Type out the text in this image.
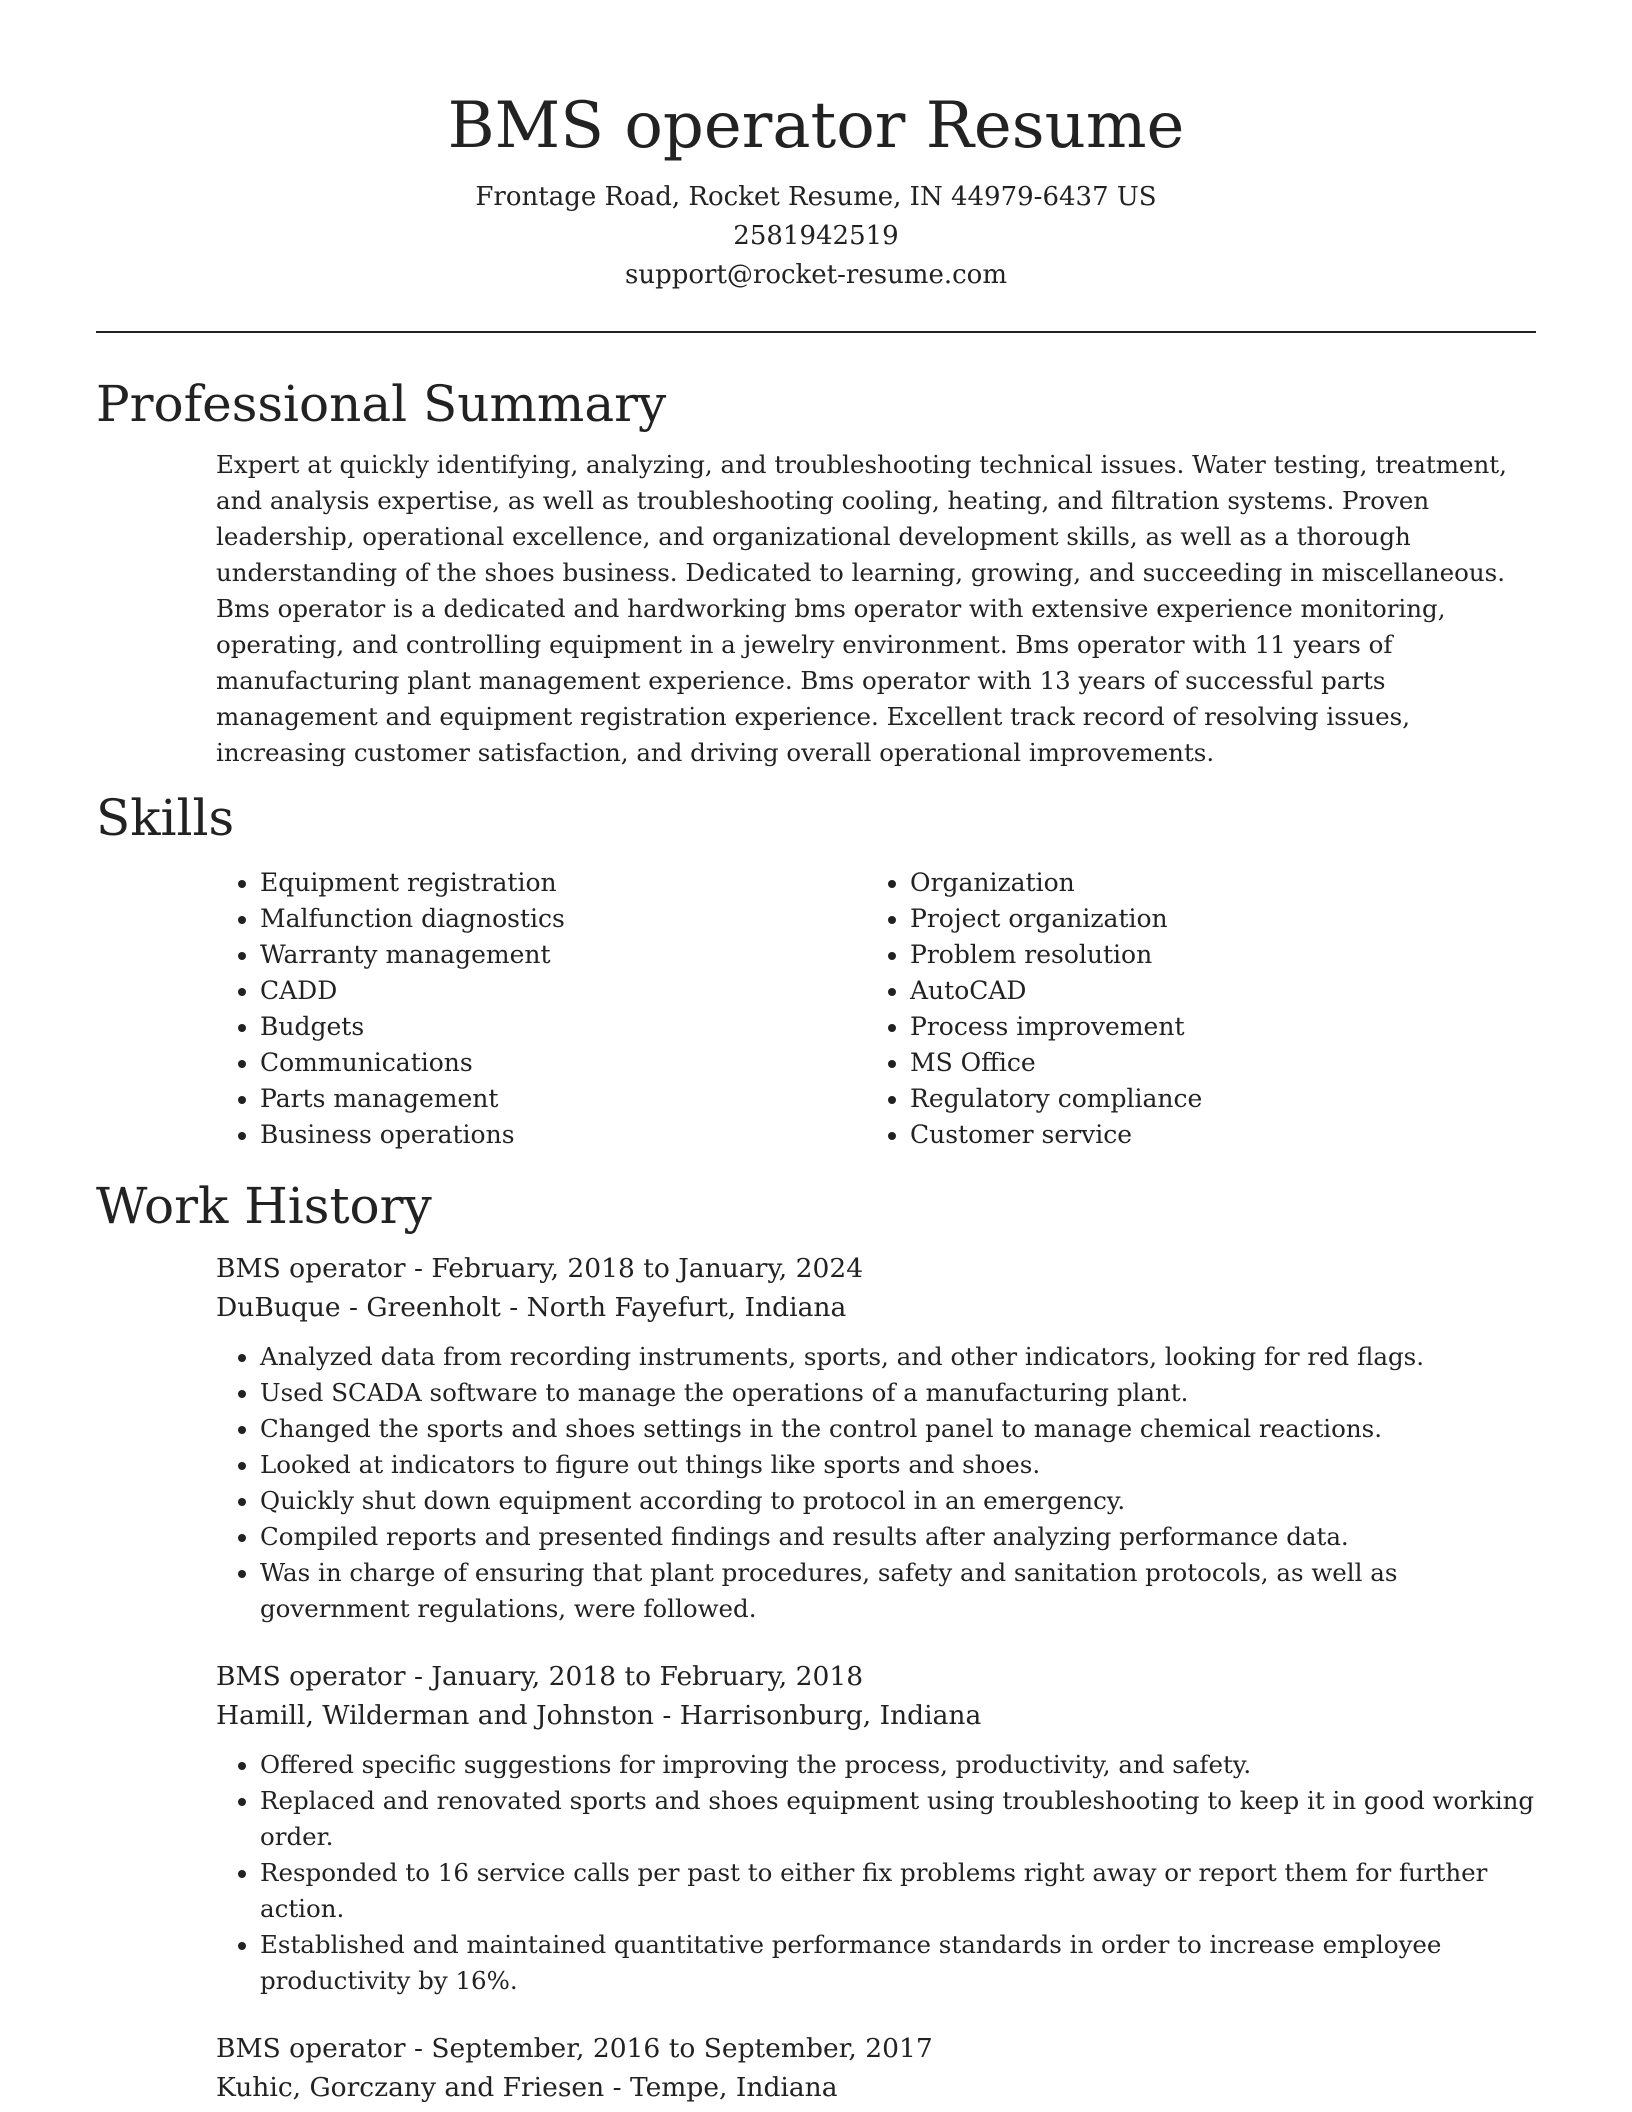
BMS operator Resume

Frontage Road, Rocket Resume, IN 44979-6437 US

2581942519

support@rocket-resume.com

Professional Summary

Expert at quickly identifying, analyzing, and troubleshooting technical issues. Water testing, treatment, and analysis expertise, as well as troubleshooting cooling, heating, and filtration systems. Proven leadership, operational excellence, and organizational development skills, as well as a thorough understanding of the shoes business. Dedicated to learning, growing, and succeeding in miscellaneous. Bms operator is a dedicated and hardworking bms operator with extensive experience monitoring, operating, and controlling equipment in a jewelry environment. Bms operator with 11 years of manufacturing plant management experience. Bms operator with 13 years of successful parts management and equipment registration experience. Excellent track record of resolving issues, increasing customer satisfaction, and driving overall operational improvements.

Skills
• Equipment registration
• Malfunction diagnostics
• Warranty management
• CADD
• Budgets
• Communications
• Parts management
• Business operations
• Organization
• Project organization
• Problem resolution
• AutoCAD
• Process improvement
• MS Office
• Regulatory compliance
• Customer service
Work History

BMS operator - February, 2018 to January, 2024

DuBuque - Greenholt - North Fayefurt, Indiana

• Analyzed data from recording instruments, sports, and other indicators, looking for red flags.
• Used SCADA software to manage the operations of a manufacturing plant.
• Changed the sports and shoes settings in the control panel to manage chemical reactions.
• Looked at indicators to figure out things like sports and shoes.
• Quickly shut down equipment according to protocol in an emergency.
• Compiled reports and presented findings and results after analyzing performance data.
• Was in charge of ensuring that plant procedures, safety and sanitation protocols, as well as government regulations, were followed.

BMS operator - January, 2018 to February, 2018

Hamill, Wilderman and Johnston - Harrisonburg, Indiana

• Offered specific suggestions for improving the process, productivity, and safety.
• Replaced and renovated sports and shoes equipment using troubleshooting to keep it in good working order.
• Responded to 16 service calls per past to either fix problems right away or report them for further action.
• Established and maintained quantitative performance standards in order to increase employee productivity by 16%.

BMS operator - September, 2016 to September, 2017

Kuhic, Gorczany and Friesen - Tempe, Indiana
